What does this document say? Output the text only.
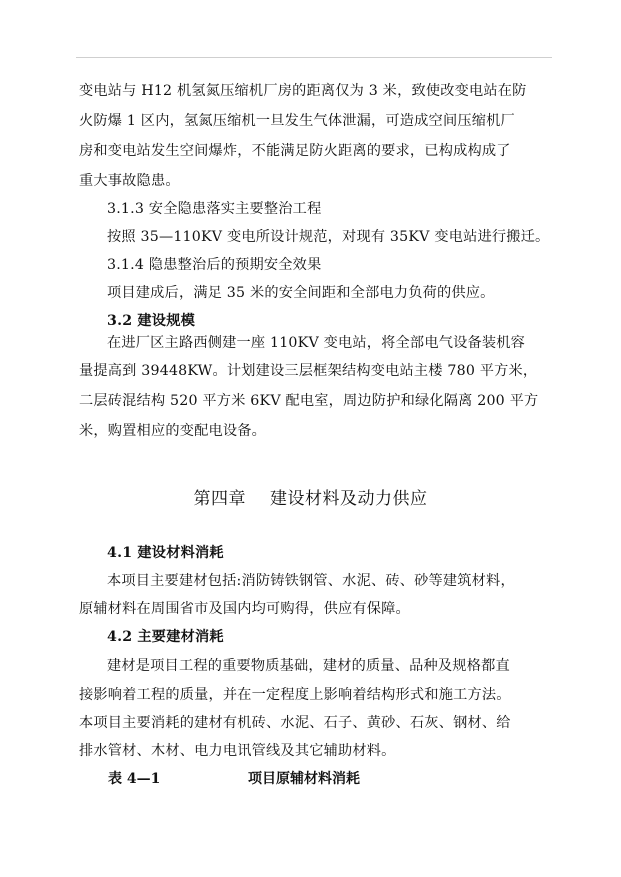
变电站与 H12 机氢氮压缩机厂房的距离仅为 3 米，致使改变电站在防
火防爆 1 区内，氢氮压缩机一旦发生气体泄漏，可造成空间压缩机厂
房和变电站发生空间爆炸，不能满足防火距离的要求，已构成构成了
重大事故隐患。
3.1.3 安全隐患落实主要整治工程
按照 35—110KV 变电所设计规范，对现有 35KV 变电站进行搬迁。
3.1.4 隐患整治后的预期安全效果
项目建成后，满足 35 米的安全间距和全部电力负荷的供应。
3.2 建设规模
在进厂区主路西侧建一座 110KV 变电站，将全部电气设备装机容
量提高到 39448KW。计划建设三层框架结构变电站主楼 780 平方米，
二层砖混结构 520 平方米 6KV 配电室，周边防护和绿化隔离 200 平方
米，购置相应的变配电设备。
第四章 建设材料及动力供应
4.1 建设材料消耗
本项目主要建材包括:消防铸铁钢管、水泥、砖、砂等建筑材料，
原辅材料在周围省市及国内均可购得，供应有保障。
4.2 主要建材消耗
建材是项目工程的重要物质基础，建材的质量、品种及规格都直
接影响着工程的质量，并在一定程度上影响着结构形式和施工方法。
本项目主要消耗的建材有机砖、水泥、石子、黄砂、石灰、钢材、给
排水管材、木材、电力电讯管线及其它辅助材料。
表 4—1	项目原辅材料消耗
